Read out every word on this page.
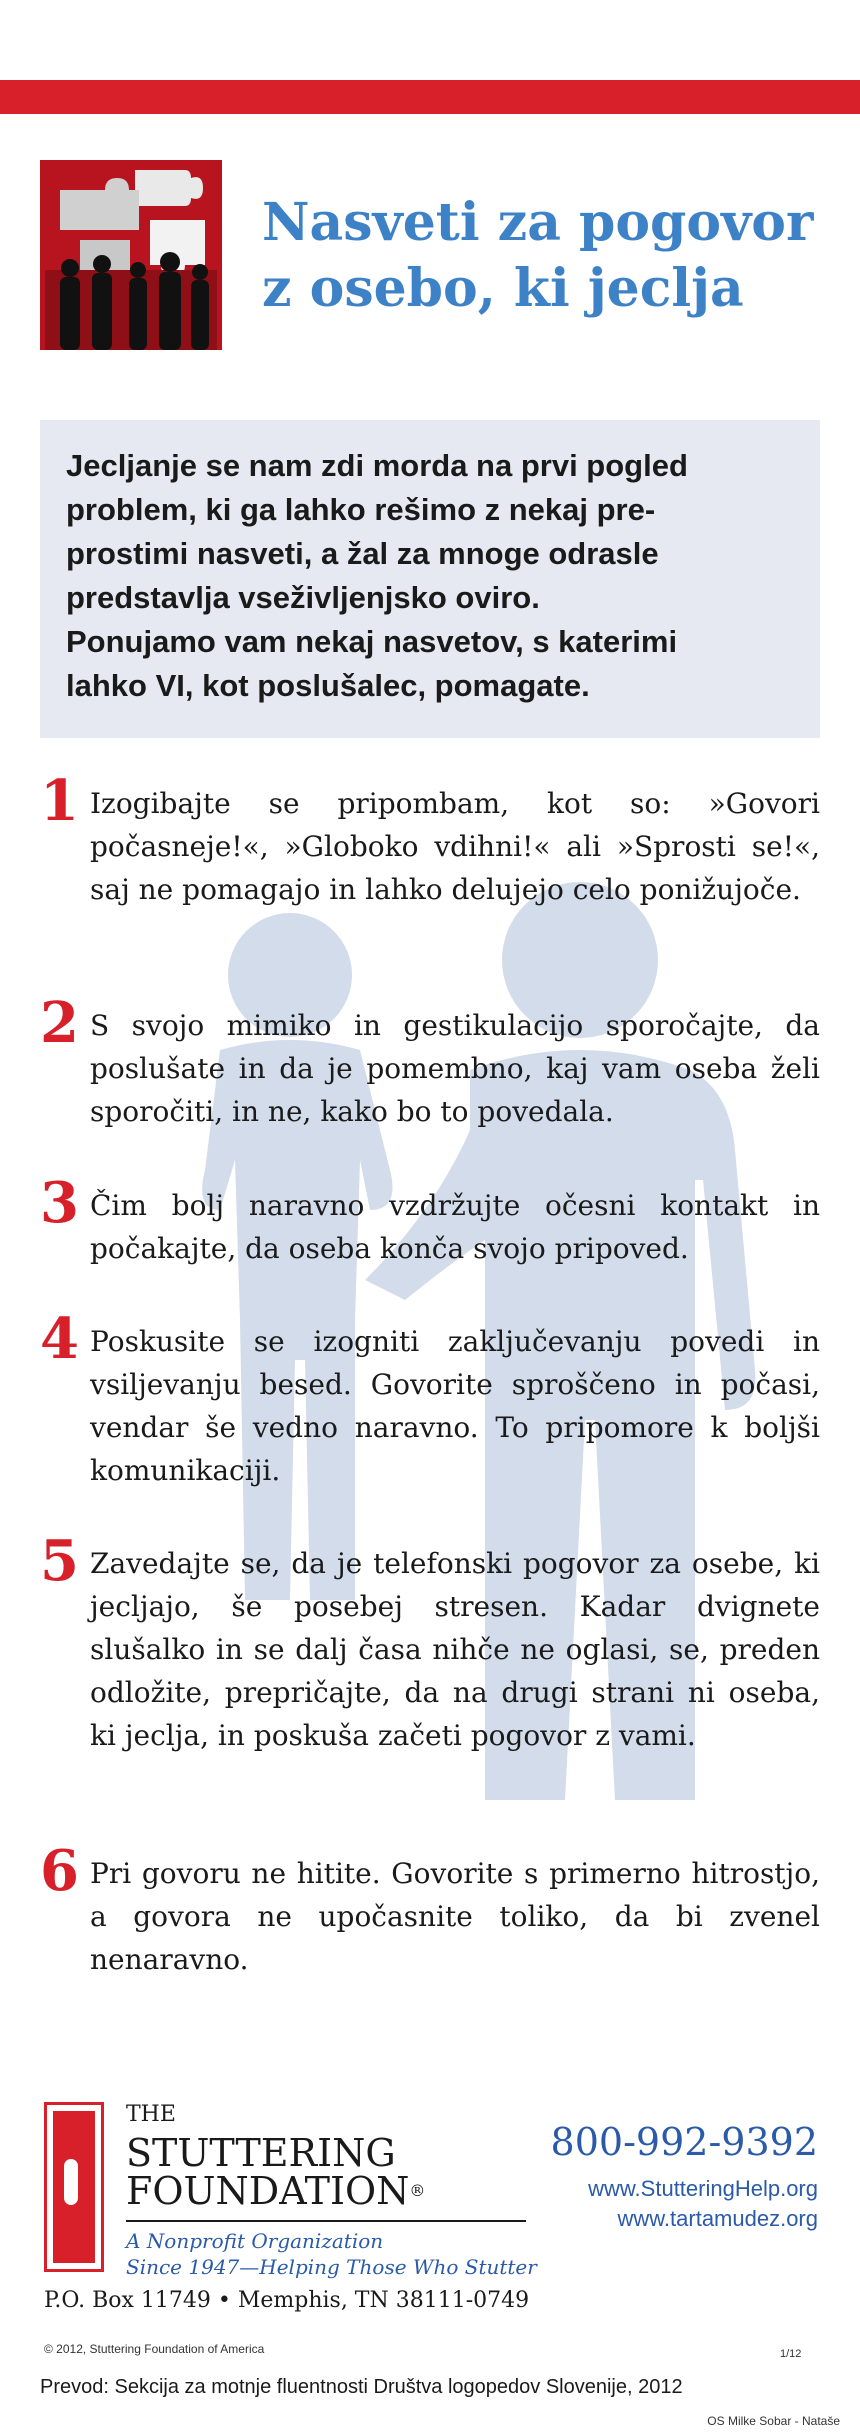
Nasveti za pogovor
z osebo, ki jeclja
Jecljanje se nam zdi morda na prvi pogled
problem, ki ga lahko rešimo z nekaj pre-
prostimi nasveti, a žal za mnoge odrasle
predstavlja vseživljenjsko oviro.
Ponujamo vam nekaj nasvetov, s katerimi
lahko VI, kot poslušalec, pomagate.
1 Izogibajte se pripombam, kot so: »Govori počasneje!«, »Globoko vdihni!« ali »Sprosti se!«, saj ne pomagajo in lahko delujejo celo ponižujoče.
2 S svojo mimiko in gestikulacijo sporočajte, da poslušate in da je pomembno, kaj vam oseba želi sporočiti, in ne, kako bo to povedala.
3 Čim bolj naravno vzdržujte očesni kontakt in počakajte, da oseba konča svojo pripoved.
4 Poskusite se izogniti zaključevanju povedi in vsiljevanju besed. Govorite sproščeno in počasi, vendar še vedno naravno. To pripomore k boljši komunikaciji.
5 Zavedajte se, da je telefonski pogovor za osebe, ki jecljajo, še posebej stresen. Kadar dvignete slušalko in se dalj časa nihče ne oglasi, se, preden odložite, prepričajte, da na drugi strani ni oseba, ki jeclja, in poskuša začeti pogovor z vami.
6 Pri govoru ne hitite. Govorite s primerno hitrostjo, a govora ne upočasnite toliko, da bi zvenel nenaravno.
THE
STUTTERING
FOUNDATION®
A Nonprofit Organization
Since 1947—Helping Those Who Stutter
P.O. Box 11749 • Memphis, TN 38111-0749
800-992-9392
www.StutteringHelp.org
www.tartamudez.org
© 2012, Stuttering Foundation of America	1/12
Prevod: Sekcija za motnje fluentnosti Društva logopedov Slovenije, 2012
OS Milke Sobar - Nataše
